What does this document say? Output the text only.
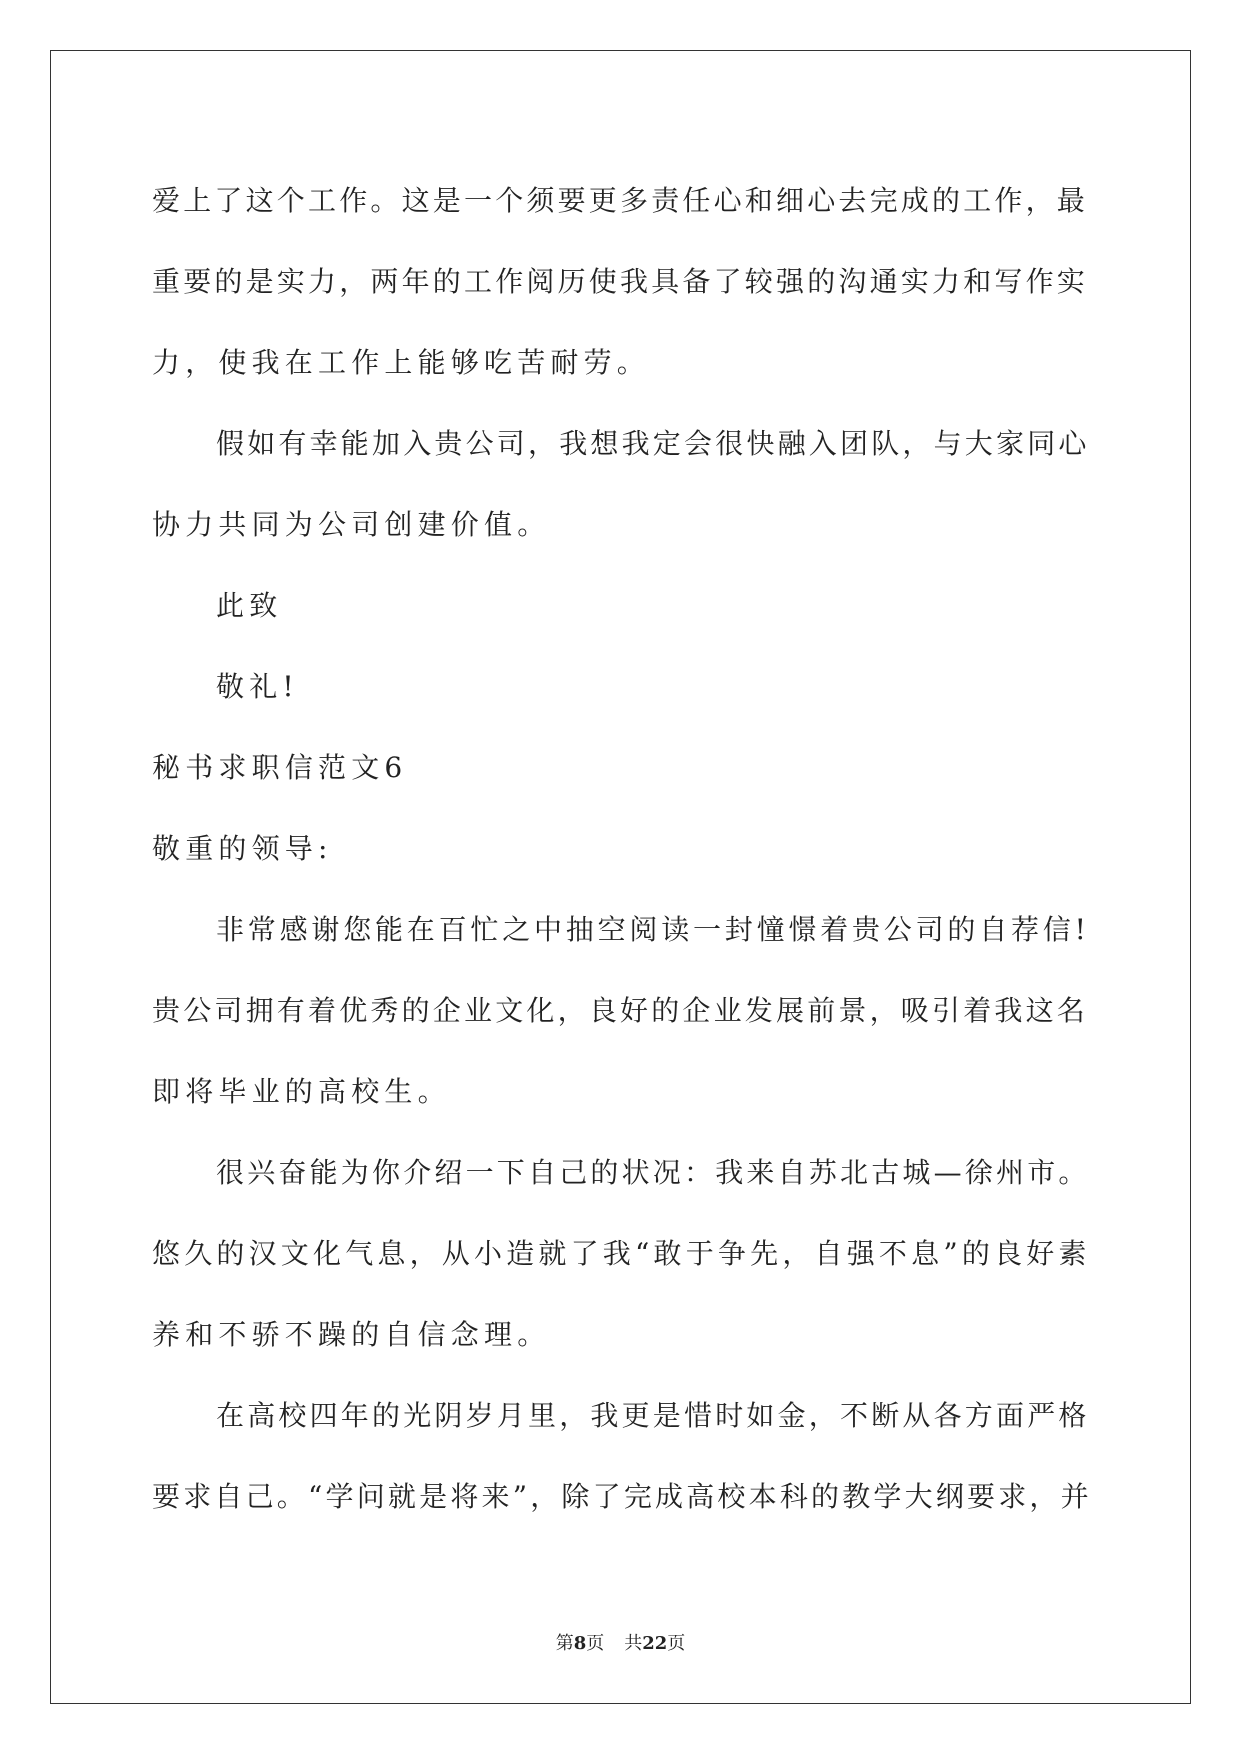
爱上了这个工作。这是一个须要更多责任心和细心去完成的工作，最

重要的是实力，两年的工作阅历使我具备了较强的沟通实力和写作实

力，使我在工作上能够吃苦耐劳。

假如有幸能加入贵公司，我想我定会很快融入团队，与大家同心

协力共同为公司创建价值。

此致

敬礼!

秘书求职信范文6

敬重的领导:

非常感谢您能在百忙之中抽空阅读一封憧憬着贵公司的自荐信!

贵公司拥有着优秀的企业文化，良好的企业发展前景，吸引着我这名

即将毕业的高校生。

很兴奋能为你介绍一下自己的状况：我来自苏北古城—徐州市。

悠久的汉文化气息，从小造就了我“敢于争先，自强不息”的良好素

养和不骄不躁的自信念理。

在高校四年的光阴岁月里，我更是惜时如金，不断从各方面严格

要求自己。“学问就是将来”，除了完成高校本科的教学大纲要求，并

第8页 共22页
